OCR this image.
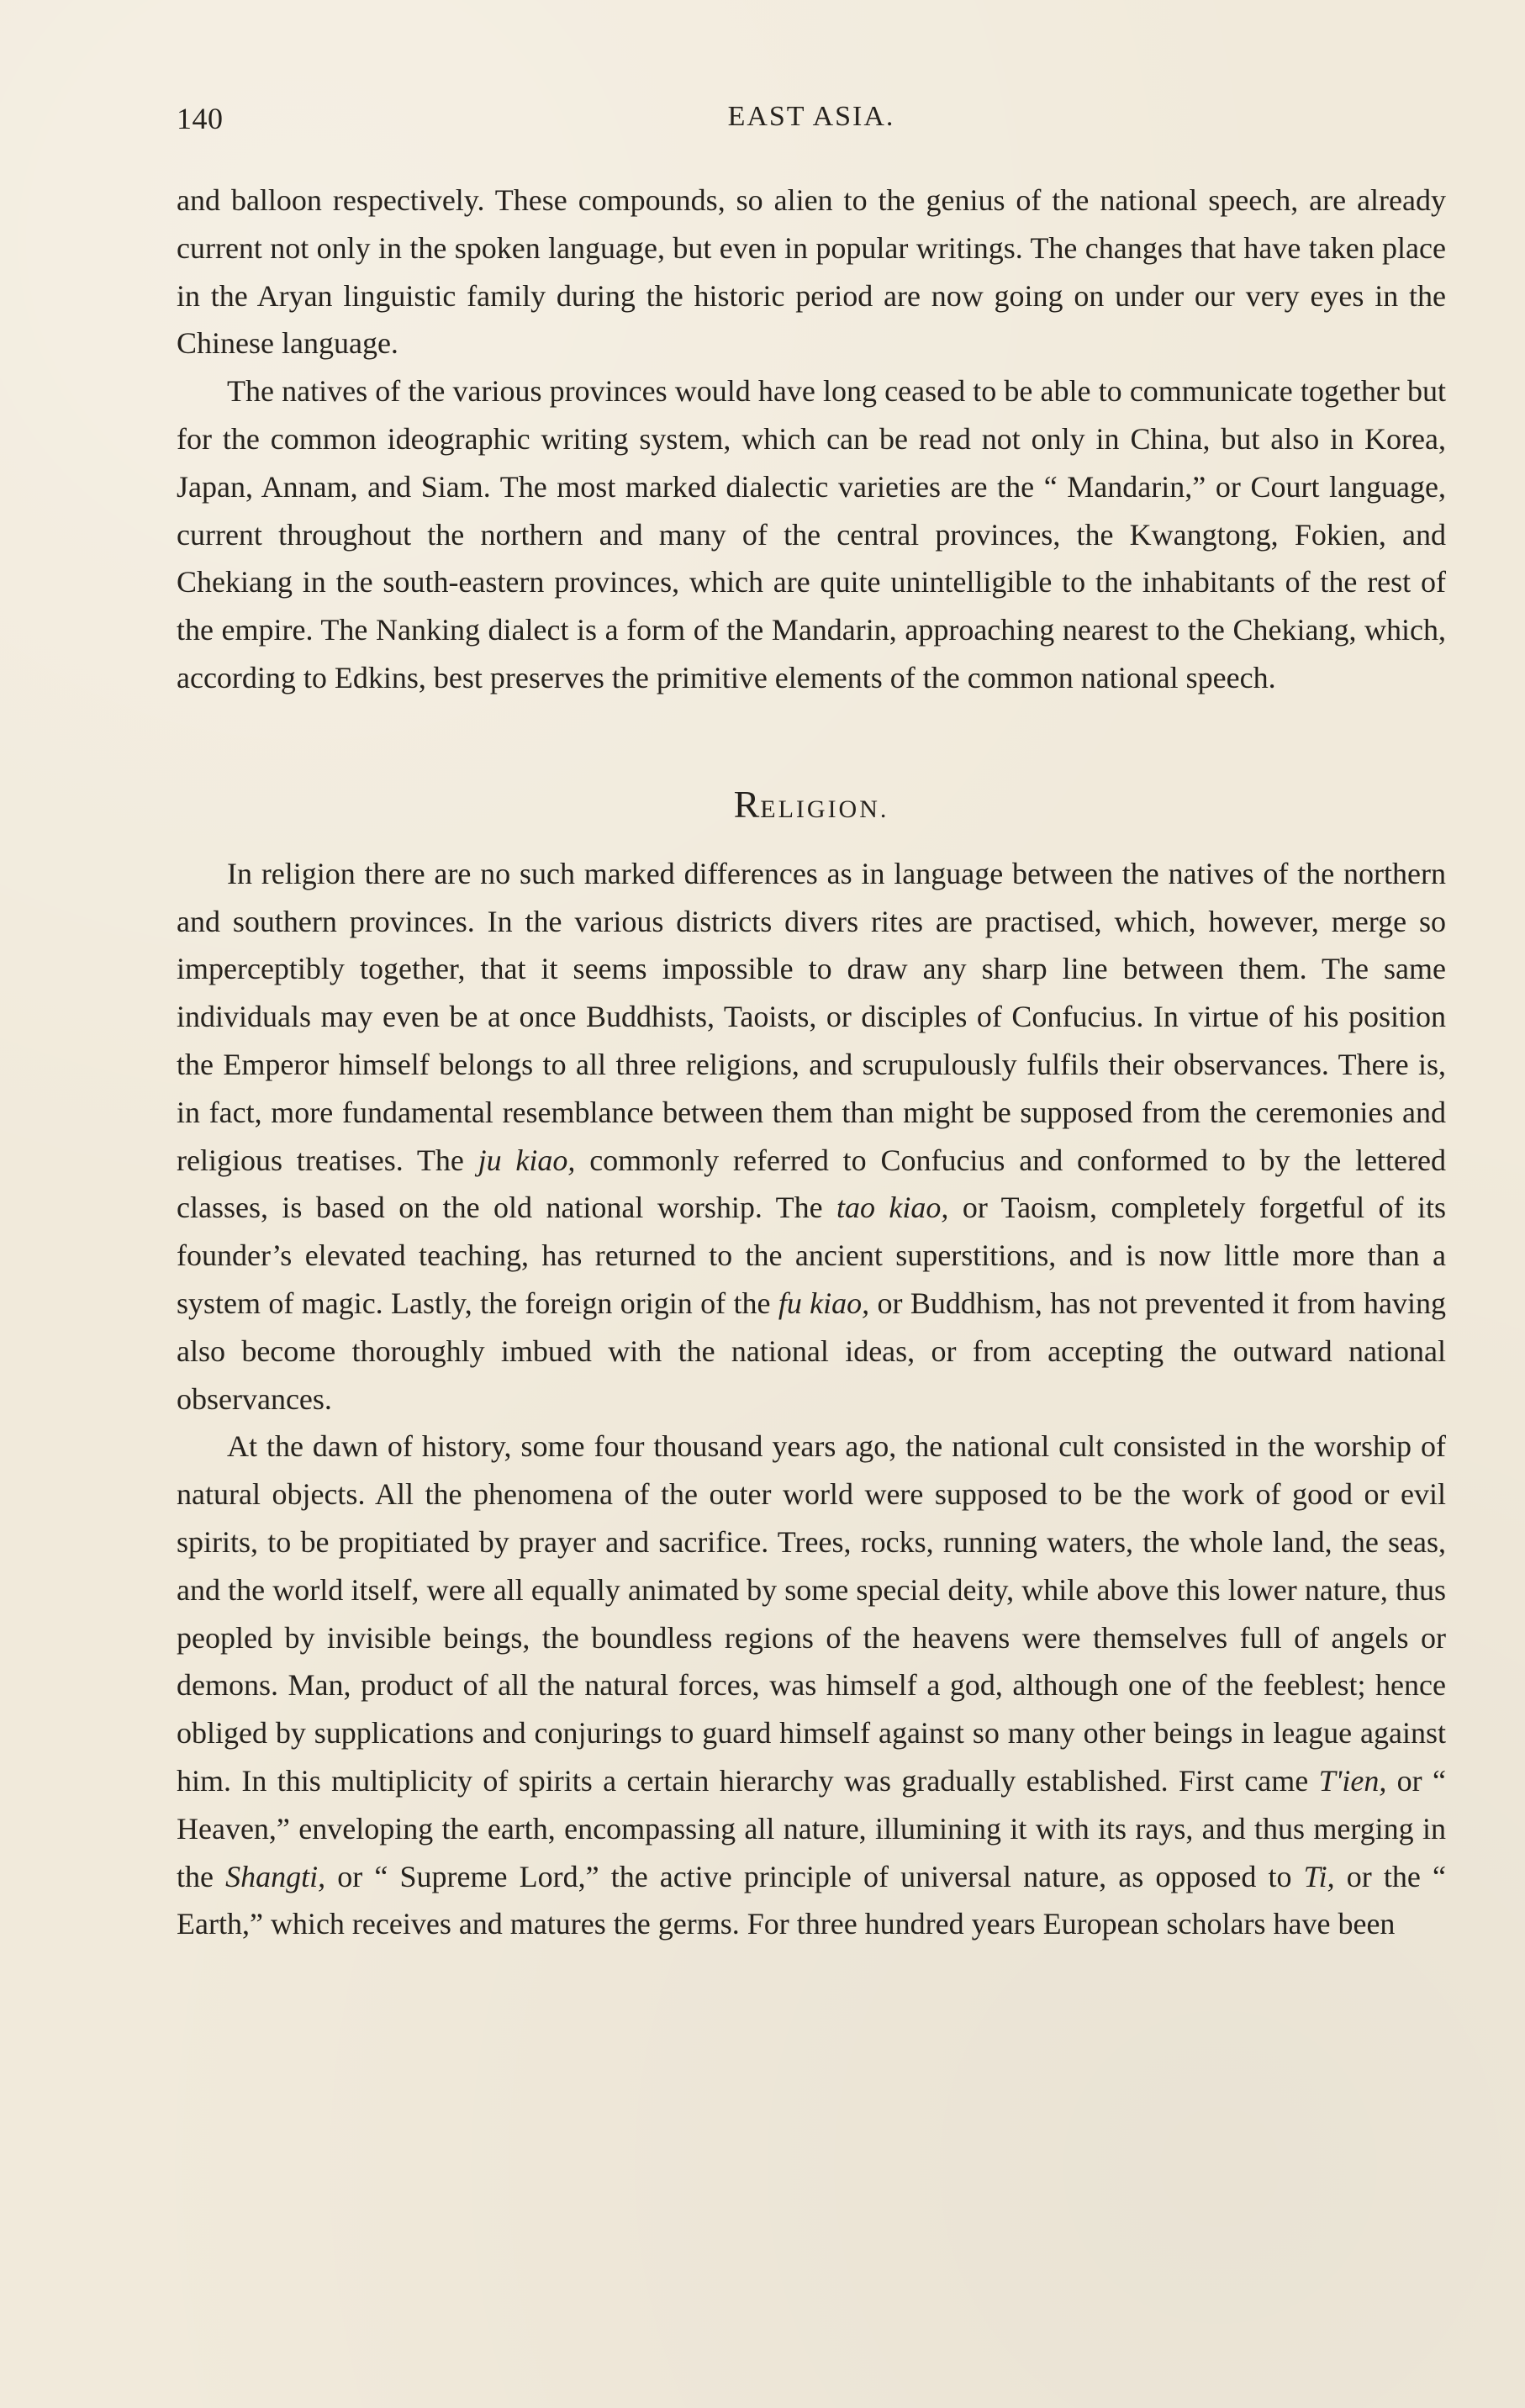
140	EAST ASIA.

and balloon respectively. These compounds, so alien to the genius of the national speech, are already current not only in the spoken language, but even in popular writings. The changes that have taken place in the Aryan linguistic family during the historic period are now going on under our very eyes in the Chinese language.

The natives of the various provinces would have long ceased to be able to communicate together but for the common ideographic writing system, which can be read not only in China, but also in Korea, Japan, Annam, and Siam. The most marked dialectic varieties are the “ Mandarin,” or Court language, current throughout the northern and many of the central provinces, the Kwangtong, Fokien, and Chekiang in the south-eastern provinces, which are quite unintelligible to the inhabitants of the rest of the empire. The Nanking dialect is a form of the Mandarin, approaching nearest to the Chekiang, which, according to Edkins, best preserves the primitive elements of the common national speech.

RELIGION.

In religion there are no such marked differences as in language between the natives of the northern and southern provinces. In the various districts divers rites are practised, which, however, merge so imperceptibly together, that it seems impossible to draw any sharp line between them. The same individuals may even be at once Buddhists, Taoists, or disciples of Confucius. In virtue of his position the Emperor himself belongs to all three religions, and scrupulously fulfils their observances. There is, in fact, more fundamental resemblance between them than might be supposed from the ceremonies and religious treatises. The ju kiao, commonly referred to Confucius and conformed to by the lettered classes, is based on the old national worship. The tao kiao, or Taoism, completely forgetful of its founder’s elevated teaching, has returned to the ancient superstitions, and is now little more than a system of magic. Lastly, the foreign origin of the fu kiao, or Buddhism, has not prevented it from having also become thoroughly imbued with the national ideas, or from accepting the outward national observances.

At the dawn of history, some four thousand years ago, the national cult consisted in the worship of natural objects. All the phenomena of the outer world were supposed to be the work of good or evil spirits, to be propitiated by prayer and sacrifice. Trees, rocks, running waters, the whole land, the seas, and the world itself, were all equally animated by some special deity, while above this lower nature, thus peopled by invisible beings, the boundless regions of the heavens were themselves full of angels or demons. Man, product of all the natural forces, was himself a god, although one of the feeblest; hence obliged by supplications and conjurings to guard himself against so many other beings in league against him. In this multiplicity of spirits a certain hierarchy was gradually established. First came T'ien, or “ Heaven,” enveloping the earth, encompassing all nature, illumining it with its rays, and thus merging in the Shangti, or “ Supreme Lord,” the active principle of universal nature, as opposed to Ti, or the “ Earth,” which receives and matures the germs. For three hundred years European scholars have been
